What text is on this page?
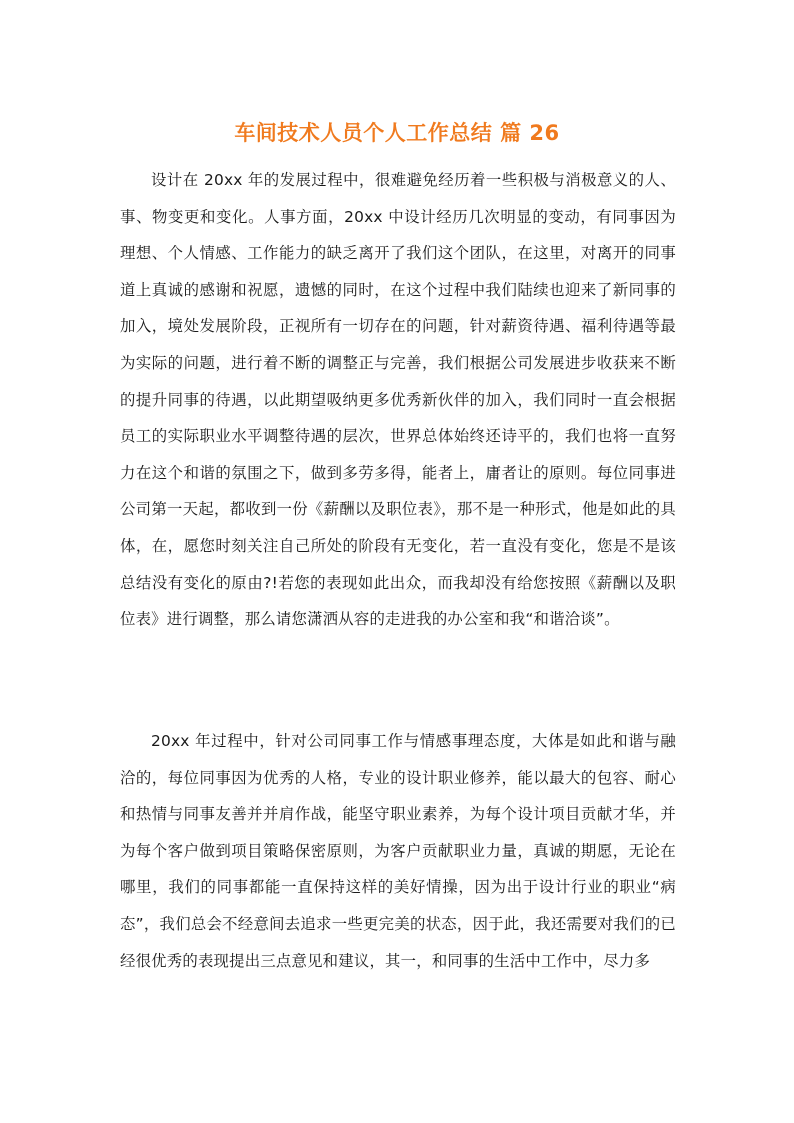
车间技术人员个人工作总结 篇 26

设计在 20xx 年的发展过程中，很难避免经历着一些积极与消极意义的人、事、物变更和变化。人事方面，20xx 中设计经历几次明显的变动，有同事因为理想、个人情感、工作能力的缺乏离开了我们这个团队，在这里，对离开的同事道上真诚的感谢和祝愿，遗憾的同时，在这个过程中我们陆续也迎来了新同事的加入，境处发展阶段，正视所有一切存在的问题，针对薪资待遇、福利待遇等最为实际的问题，进行着不断的调整正与完善，我们根据公司发展进步收获来不断的提升同事的待遇，以此期望吸纳更多优秀新伙伴的加入，我们同时一直会根据员工的实际职业水平调整待遇的层次，世界总体始终还诗平的，我们也将一直努力在这个和谐的氛围之下，做到多劳多得，能者上，庸者让的原则。每位同事进公司第一天起，都收到一份《薪酬以及职位表》，那不是一种形式，他是如此的具体，在，愿您时刻关注自己所处的阶段有无变化，若一直没有变化，您是不是该总结没有变化的原由?!若您的表现如此出众，而我却没有给您按照《薪酬以及职位表》进行调整，那么请您潇洒从容的走进我的办公室和我“和谐洽谈”。

20xx 年过程中，针对公司同事工作与情感事理态度，大体是如此和谐与融洽的，每位同事因为优秀的人格，专业的设计职业修养，能以最大的包容、耐心和热情与同事友善并并肩作战，能坚守职业素养，为每个设计项目贡献才华，并为每个客户做到项目策略保密原则，为客户贡献职业力量，真诚的期愿，无论在哪里，我们的同事都能一直保持这样的美好情操，因为出于设计行业的职业“病态”，我们总会不经意间去追求一些更完美的状态，因于此，我还需要对我们的已经很优秀的表现提出三点意见和建议，其一，和同事的生活中工作中，尽力多
